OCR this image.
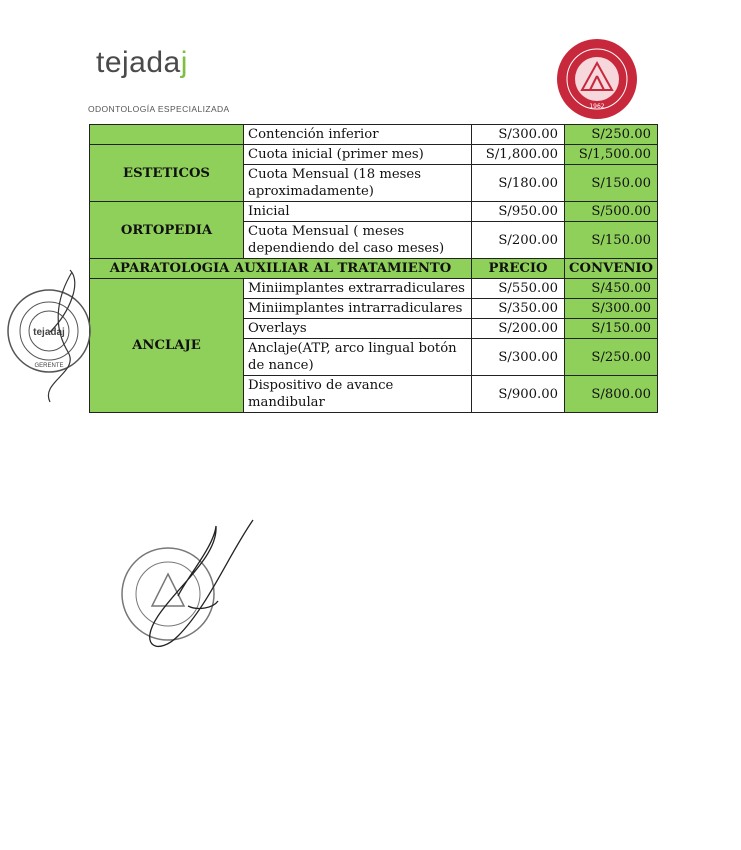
tejadaj
ODONTOLOGÍA ESPECIALIZADA	1962
	Contención inferior	S/300.00	S/250.00
ESTETICOS	Cuota inicial (primer mes)	S/1,800.00	S/1,500.00
	Cuota Mensual (18 meses aproximadamente)	S/180.00	S/150.00
ORTOPEDIA	Inicial	S/950.00	S/500.00
	Cuota Mensual ( meses dependiendo del caso meses)	S/200.00	S/150.00
APARATOLOGIA AUXILIAR AL TRATAMIENTO		PRECIO	CONVENIO
ANCLAJE	Miniimplantes extrarradiculares	S/550.00	S/450.00
	Miniimplantes intrarradiculares	S/350.00	S/300.00
	Overlays	S/200.00	S/150.00
	Anclaje(ATP, arco lingual botón de nance)	S/300.00	S/250.00
	Dispositivo de avance mandibular	S/900.00	S/800.00
tejadaj
GERENTE
